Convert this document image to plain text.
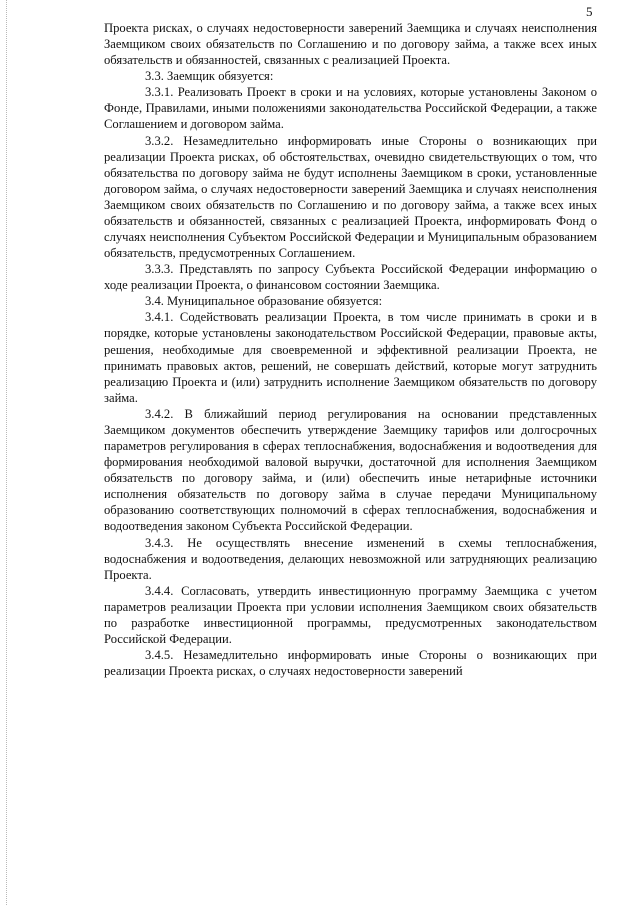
5

Проекта рисках, о случаях недостоверности заверений Заемщика и случаях неисполнения Заемщиком своих обязательств по Соглашению и по договору займа, а также всех иных обязательств и обязанностей, связанных с реализацией Проекта.

3.3. Заемщик обязуется:

3.3.1. Реализовать Проект в сроки и на условиях, которые установлены Законом о Фонде, Правилами, иными положениями законодательства Российской Федерации, а также Соглашением и договором займа.

3.3.2. Незамедлительно информировать иные Стороны о возникающих при реализации Проекта рисках, об обстоятельствах, очевидно свидетельствующих о том, что обязательства по договору займа не будут исполнены Заемщиком в сроки, установленные договором займа, о случаях недостоверности заверений Заемщика и случаях неисполнения Заемщиком своих обязательств по Соглашению и по договору займа, а также всех иных обязательств и обязанностей, связанных с реализацией Проекта, информировать Фонд о случаях неисполнения Субъектом Российской Федерации и Муниципальным образованием обязательств, предусмотренных Соглашением.

3.3.3. Представлять по запросу Субъекта Российской Федерации информацию о ходе реализации Проекта, о финансовом состоянии Заемщика.

3.4. Муниципальное образование обязуется:

3.4.1. Содействовать реализации Проекта, в том числе принимать в сроки и в порядке, которые установлены законодательством Российской Федерации, правовые акты, решения, необходимые для своевременной и эффективной реализации Проекта, не принимать правовых актов, решений, не совершать действий, которые могут затруднить реализацию Проекта и (или) затруднить исполнение Заемщиком обязательств по договору займа.

3.4.2. В ближайший период регулирования на основании представленных Заемщиком документов обеспечить утверждение Заемщику тарифов или долгосрочных параметров регулирования в сферах теплоснабжения, водоснабжения и водоотведения для формирования необходимой валовой выручки, достаточной для исполнения Заемщиком обязательств по договору займа, и (или) обеспечить иные нетарифные источники исполнения обязательств по договору займа в случае передачи Муниципальному образованию соответствующих полномочий в сферах теплоснабжения, водоснабжения и водоотведения законом Субъекта Российской Федерации.

3.4.3. Не осуществлять внесение изменений в схемы теплоснабжения, водоснабжения и водоотведения, делающих невозможной или затрудняющих реализацию Проекта.

3.4.4. Согласовать, утвердить инвестиционную программу Заемщика с учетом параметров реализации Проекта при условии исполнения Заемщиком своих обязательств по разработке инвестиционной программы, предусмотренных законодательством Российской Федерации.

3.4.5. Незамедлительно информировать иные Стороны о возникающих при реализации Проекта рисках, о случаях недостоверности заверений
